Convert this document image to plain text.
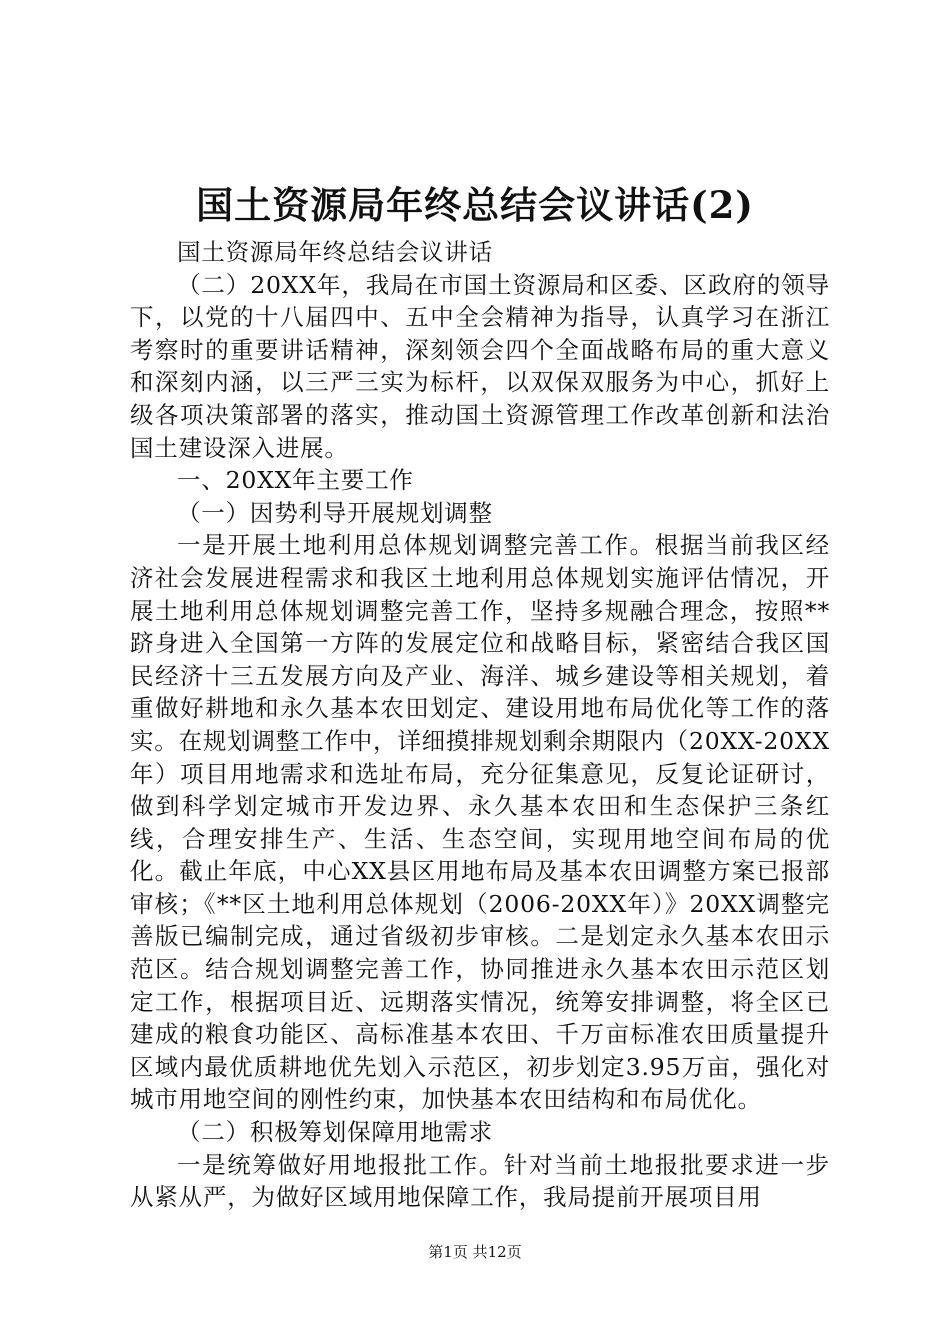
国土资源局年终总结会议讲话(2)

国土资源局年终总结会议讲话

（二）20XX年，我局在市国土资源局和区委、区政府的领导下，以党的十八届四中、五中全会精神为指导，认真学习在浙江考察时的重要讲话精神，深刻领会四个全面战略布局的重大意义和深刻内涵，以三严三实为标杆，以双保双服务为中心，抓好上级各项决策部署的落实，推动国土资源管理工作改革创新和法治国土建设深入进展。

一、20XX年主要工作

（一）因势利导开展规划调整

一是开展土地利用总体规划调整完善工作。根据当前我区经济社会发展进程需求和我区土地利用总体规划实施评估情况，开展土地利用总体规划调整完善工作，坚持多规融合理念，按照**跻身进入全国第一方阵的发展定位和战略目标，紧密结合我区国民经济十三五发展方向及产业、海洋、城乡建设等相关规划，着重做好耕地和永久基本农田划定、建设用地布局优化等工作的落实。在规划调整工作中，详细摸排规划剩余期限内（20XX-20XX年）项目用地需求和选址布局，充分征集意见，反复论证研讨，做到科学划定城市开发边界、永久基本农田和生态保护三条红线，合理安排生产、生活、生态空间，实现用地空间布局的优化。截止年底，中心XX县区用地布局及基本农田调整方案已报部审核；《**区土地利用总体规划（2006-20XX年）》20XX调整完善版已编制完成，通过省级初步审核。二是划定永久基本农田示范区。结合规划调整完善工作，协同推进永久基本农田示范区划定工作，根据项目近、远期落实情况，统筹安排调整，将全区已建成的粮食功能区、高标准基本农田、千万亩标准农田质量提升区域内最优质耕地优先划入示范区，初步划定3.95万亩，强化对城市用地空间的刚性约束，加快基本农田结构和布局优化。

（二）积极筹划保障用地需求

一是统筹做好用地报批工作。针对当前土地报批要求进一步从紧从严，为做好区域用地保障工作，我局提前开展项目用

第1页 共12页
